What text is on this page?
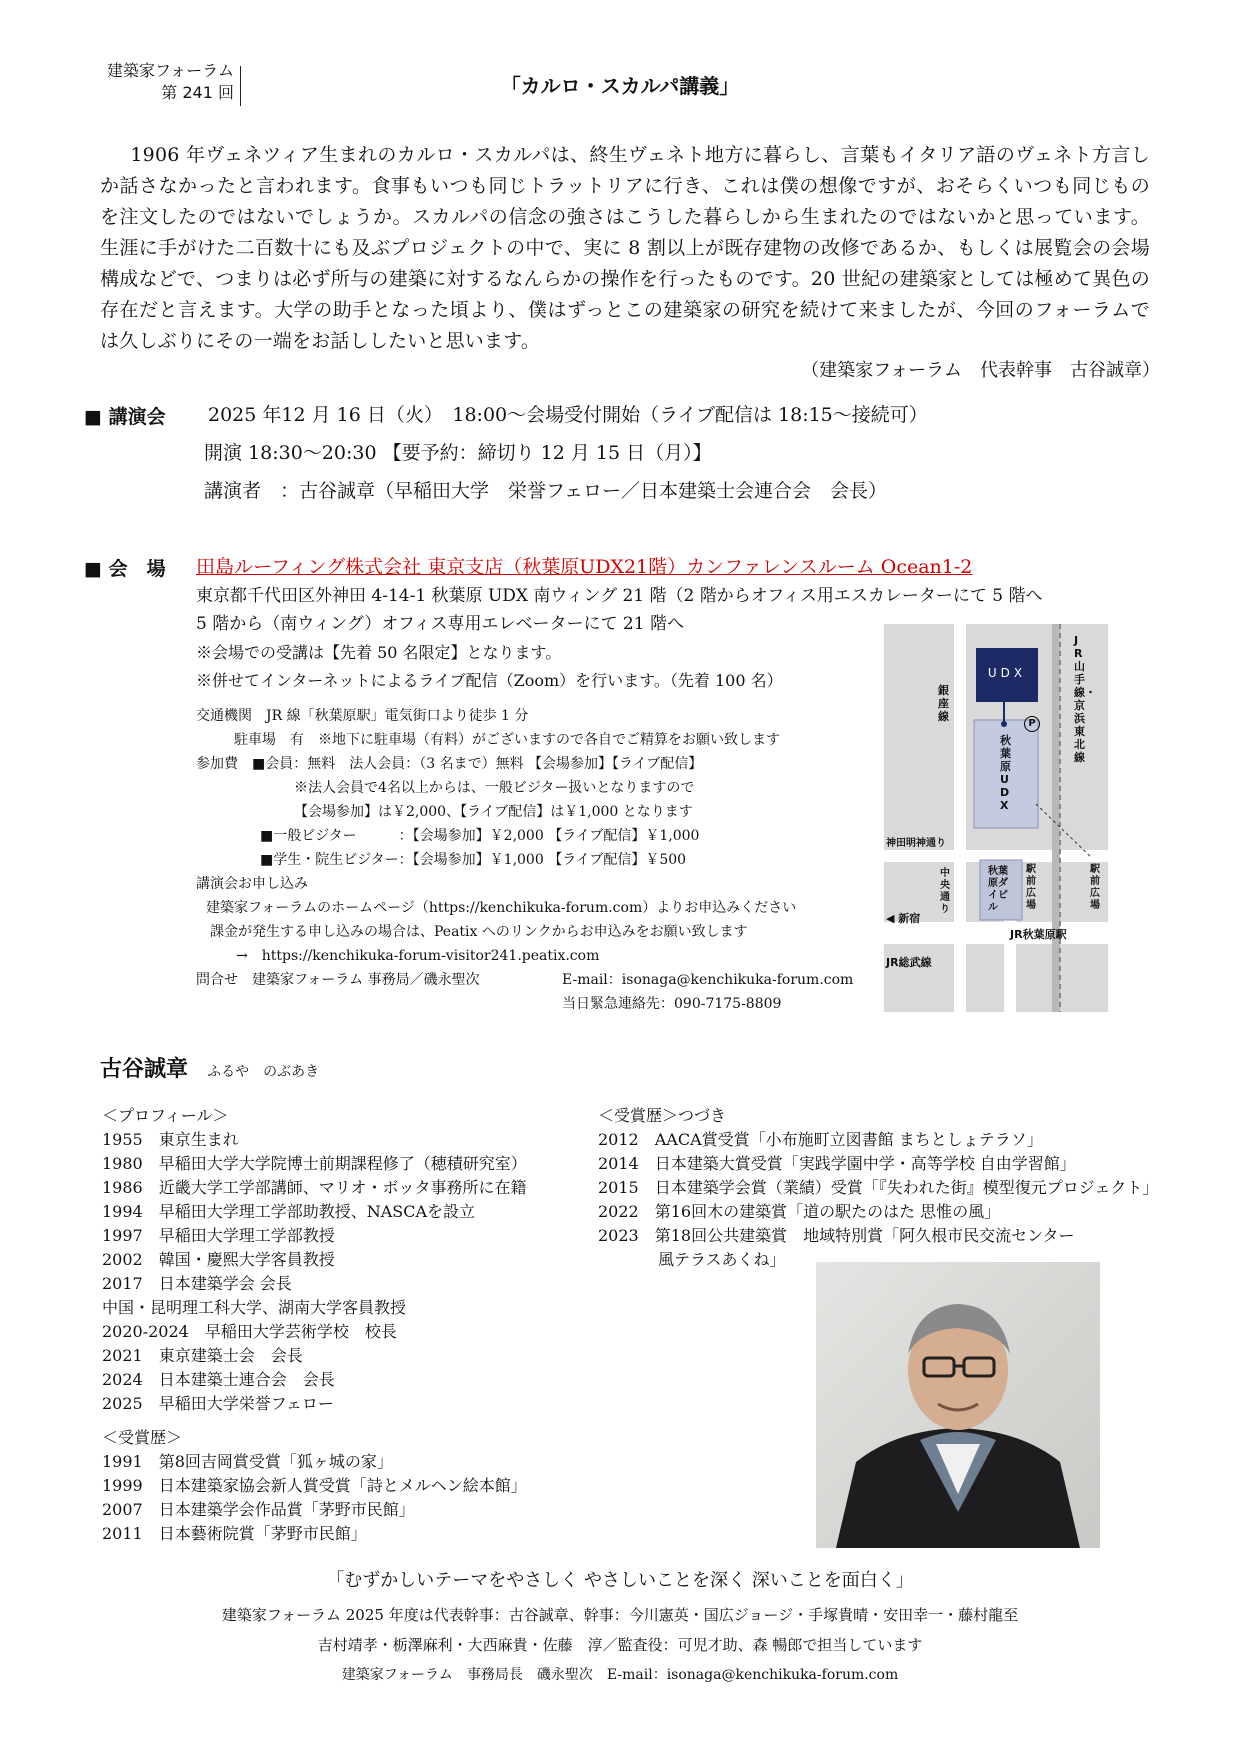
建築家フォーラム
第 241 回	「カルロ・スカルパ講義」
1906 年ヴェネツィア生まれのカルロ・スカルパは、終生ヴェネト地方に暮らし、言葉もイタリア語のヴェネト方言しか話さなかったと言われます。食事もいつも同じトラットリアに行き、これは僕の想像ですが、おそらくいつも同じものを注文したのではないでしょうか。スカルパの信念の強さはこうした暮らしから生まれたのではないかと思っています。生涯に手がけた二百数十にも及ぶプロジェクトの中で、実に 8 割以上が既存建物の改修であるか、もしくは展覧会の会場構成などで、つまりは必ず所与の建築に対するなんらかの操作を行ったものです。20 世紀の建築家としては極めて異色の存在だと言えます。大学の助手となった頃より、僕はずっとこの建築家の研究を続けて来ましたが、今回のフォーラムでは久しぶりにその一端をお話ししたいと思います。
（建築家フォーラム　代表幹事　古谷誠章）
■ 講演会 2025 年12 月 16 日（火）　18:00〜会場受付開始（ライブ配信は 18:15〜接続可）
開演 18:30〜20:30 【要予約：締切り 12 月 15 日（月）】
講演者　：古谷誠章（早稲田大学　栄誉フェロー／日本建築士会連合会　会長）
■ 会　場 田島ルーフィング株式会社 東京支店（秋葉原UDX21階）カンファレンスルーム Ocean1-2
東京都千代田区外神田 4-14-1 秋葉原 UDX 南ウィング 21 階（2 階からオフィス用エスカレーターにて 5 階へ
5 階から（南ウィング）オフィス専用エレベーターにて 21 階へ
※会場での受講は【先着 50 名限定】となります。
※併せてインターネットによるライブ配信（Zoom）を行います。（先着 100 名）
交通機関　JR 線「秋葉原駅」電気街口より徒歩 1 分
駐車場　有　※地下に駐車場（有料）がございますので各自でご精算をお願い致します
参加費　■会員：無料　法人会員：（3 名まで）無料 【会場参加】【ライブ配信】
※法人会員で4名以上からは、一般ビジター扱いとなりますので
【会場参加】は￥2,000、【ライブ配信】は￥1,000 となります
■一般ビジター　　　：【会場参加】￥2,000 【ライブ配信】￥1,000
■学生・院生ビジター：【会場参加】￥1,000 【ライブ配信】￥500
講演会お申し込み
建築家フォーラムのホームページ（https://kenchikuka-forum.com）よりお申込みください
課金が発生する申し込みの場合は、Peatix へのリンクからお申込みをお願い致します
→　https://kenchikuka-forum-visitor241.peatix.com
問合せ　建築家フォーラム 事務局／磯永聖次	E-mail：isonaga@kenchikuka-forum.com
当日緊急連絡先：090-7175-8809
UDX
JR山手線・京浜東北線
銀座線
秋葉原UDX
P
神田明神通り
中央通り
秋葉原ダイビル
駅前広場
駅前広場
◀ 新宿
JR秋葉原駅
JR総武線
古谷誠章 ふるや　のぶあき
＜プロフィール＞
1955　東京生まれ
1980　早稲田大学大学院博士前期課程修了（穂積研究室）
1986　近畿大学工学部講師、マリオ・ボッタ事務所に在籍
1994　早稲田大学理工学部助教授、NASCAを設立
1997　早稲田大学理工学部教授
2002　韓国・慶熙大学客員教授
2017　日本建築学会 会長
中国・昆明理工科大学、湖南大学客員教授
2020-2024　早稲田大学芸術学校　校長
2021　東京建築士会　会長
2024　日本建築士連合会　会長
2025　早稲田大学栄誉フェロー
＜受賞歴＞
1991　第8回吉岡賞受賞「狐ヶ城の家」
1999　日本建築家協会新人賞受賞「詩とメルヘン絵本館」
2007　日本建築学会作品賞「茅野市民館」
2011　日本藝術院賞「茅野市民館」
＜受賞歴＞つづき
2012　AACA賞受賞「小布施町立図書館 まちとしょテラソ」
2014　日本建築大賞受賞「実践学園中学・高等学校 自由学習館」
2015　日本建築学会賞（業績）受賞「『失われた街』模型復元プロジェクト」
2022　第16回木の建築賞「道の駅たのはた 思惟の風」
2023　第18回公共建築賞　地域特別賞「阿久根市民交流センター
風テラスあくね」
「むずかしいテーマをやさしく やさしいことを深く 深いことを面白く」
建築家フォーラム 2025 年度は代表幹事：古谷誠章、幹事：今川憲英・国広ジョージ・手塚貴晴・安田幸一・藤村龍至
吉村靖孝・栃澤麻利・大西麻貴・佐藤　淳／監査役：可児才助、森 暢郎で担当しています
建築家フォーラム　事務局長　磯永聖次　E-mail：isonaga@kenchikuka-forum.com
